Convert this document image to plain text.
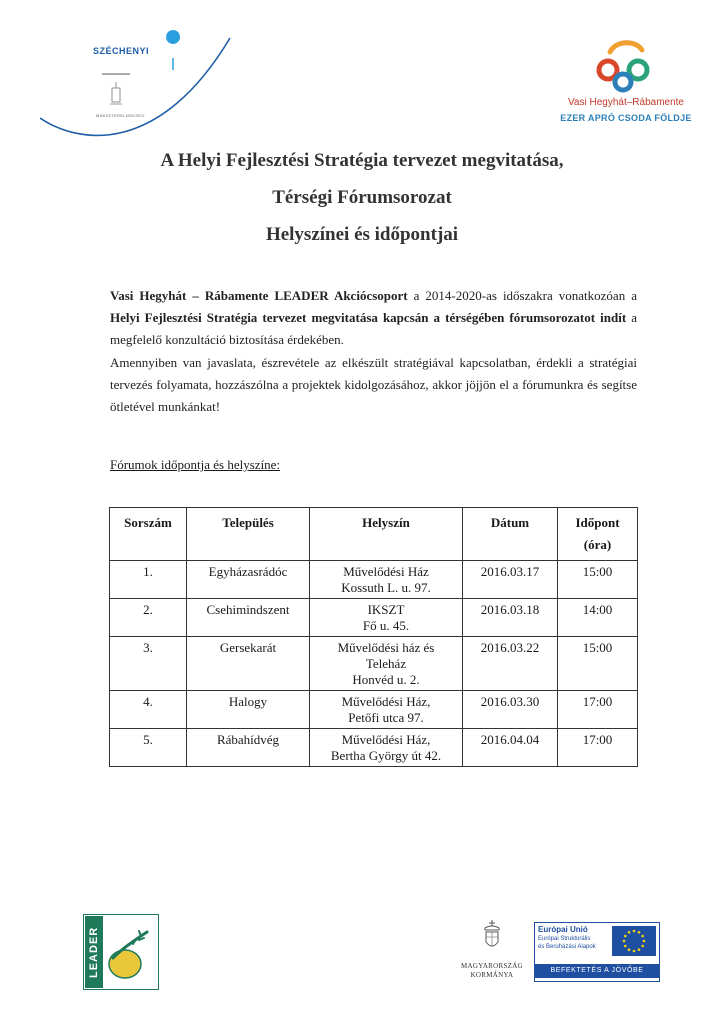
SZÉCHENYI
MINISZTERELNÖKSÉG
Vasi Hegyhát–Rábamente
EZER APRÓ CSODA FÖLDJE
A Helyi Fejlesztési Stratégia tervezet megvitatása,
Térségi Fórumsorozat
Helyszínei és időpontjai
Vasi Hegyhát – Rábamente LEADER Akciócsoport a 2014-2020-as időszakra vonatkozóan a Helyi Fejlesztési Stratégia tervezet megvitatása kapcsán a térségében fórumsorozatot indít a megfelelő konzultáció biztosítása érdekében.
Amennyiben van javaslata, észrevétele az elkészült stratégiával kapcsolatban, érdekli a stratégiai tervezés folyamata, hozzászólna a projektek kidolgozásához, akkor jöjjön el a fórumunkra és segítse ötletével munkánkat!
Fórumok időpontja és helyszíne:
Sorszám	Település	Helyszín	Dátum	Időpont
(óra)
1.	Egyházasrádóc	Művelődési Ház
Kossuth L. u. 97.	2016.03.17	15:00
2.	Csehimindszent	IKSZT
Fő u. 45.	2016.03.18	14:00
3.	Gersekarát	Művelődési ház és
Teleház
Honvéd u. 2.	2016.03.22	15:00
4.	Halogy	Művelődési Ház,
Petőfi utca 97.	2016.03.30	17:00
5.	Rábahídvég	Művelődési Ház,
Bertha György út 42.	2016.04.04	17:00
LEADER	MAGYARORSZÁG
KORMÁNYA
Európai Unió
Európai Strukturális
és Beruházási Alapok
BEFEKTETÉS A JÖVŐBE
